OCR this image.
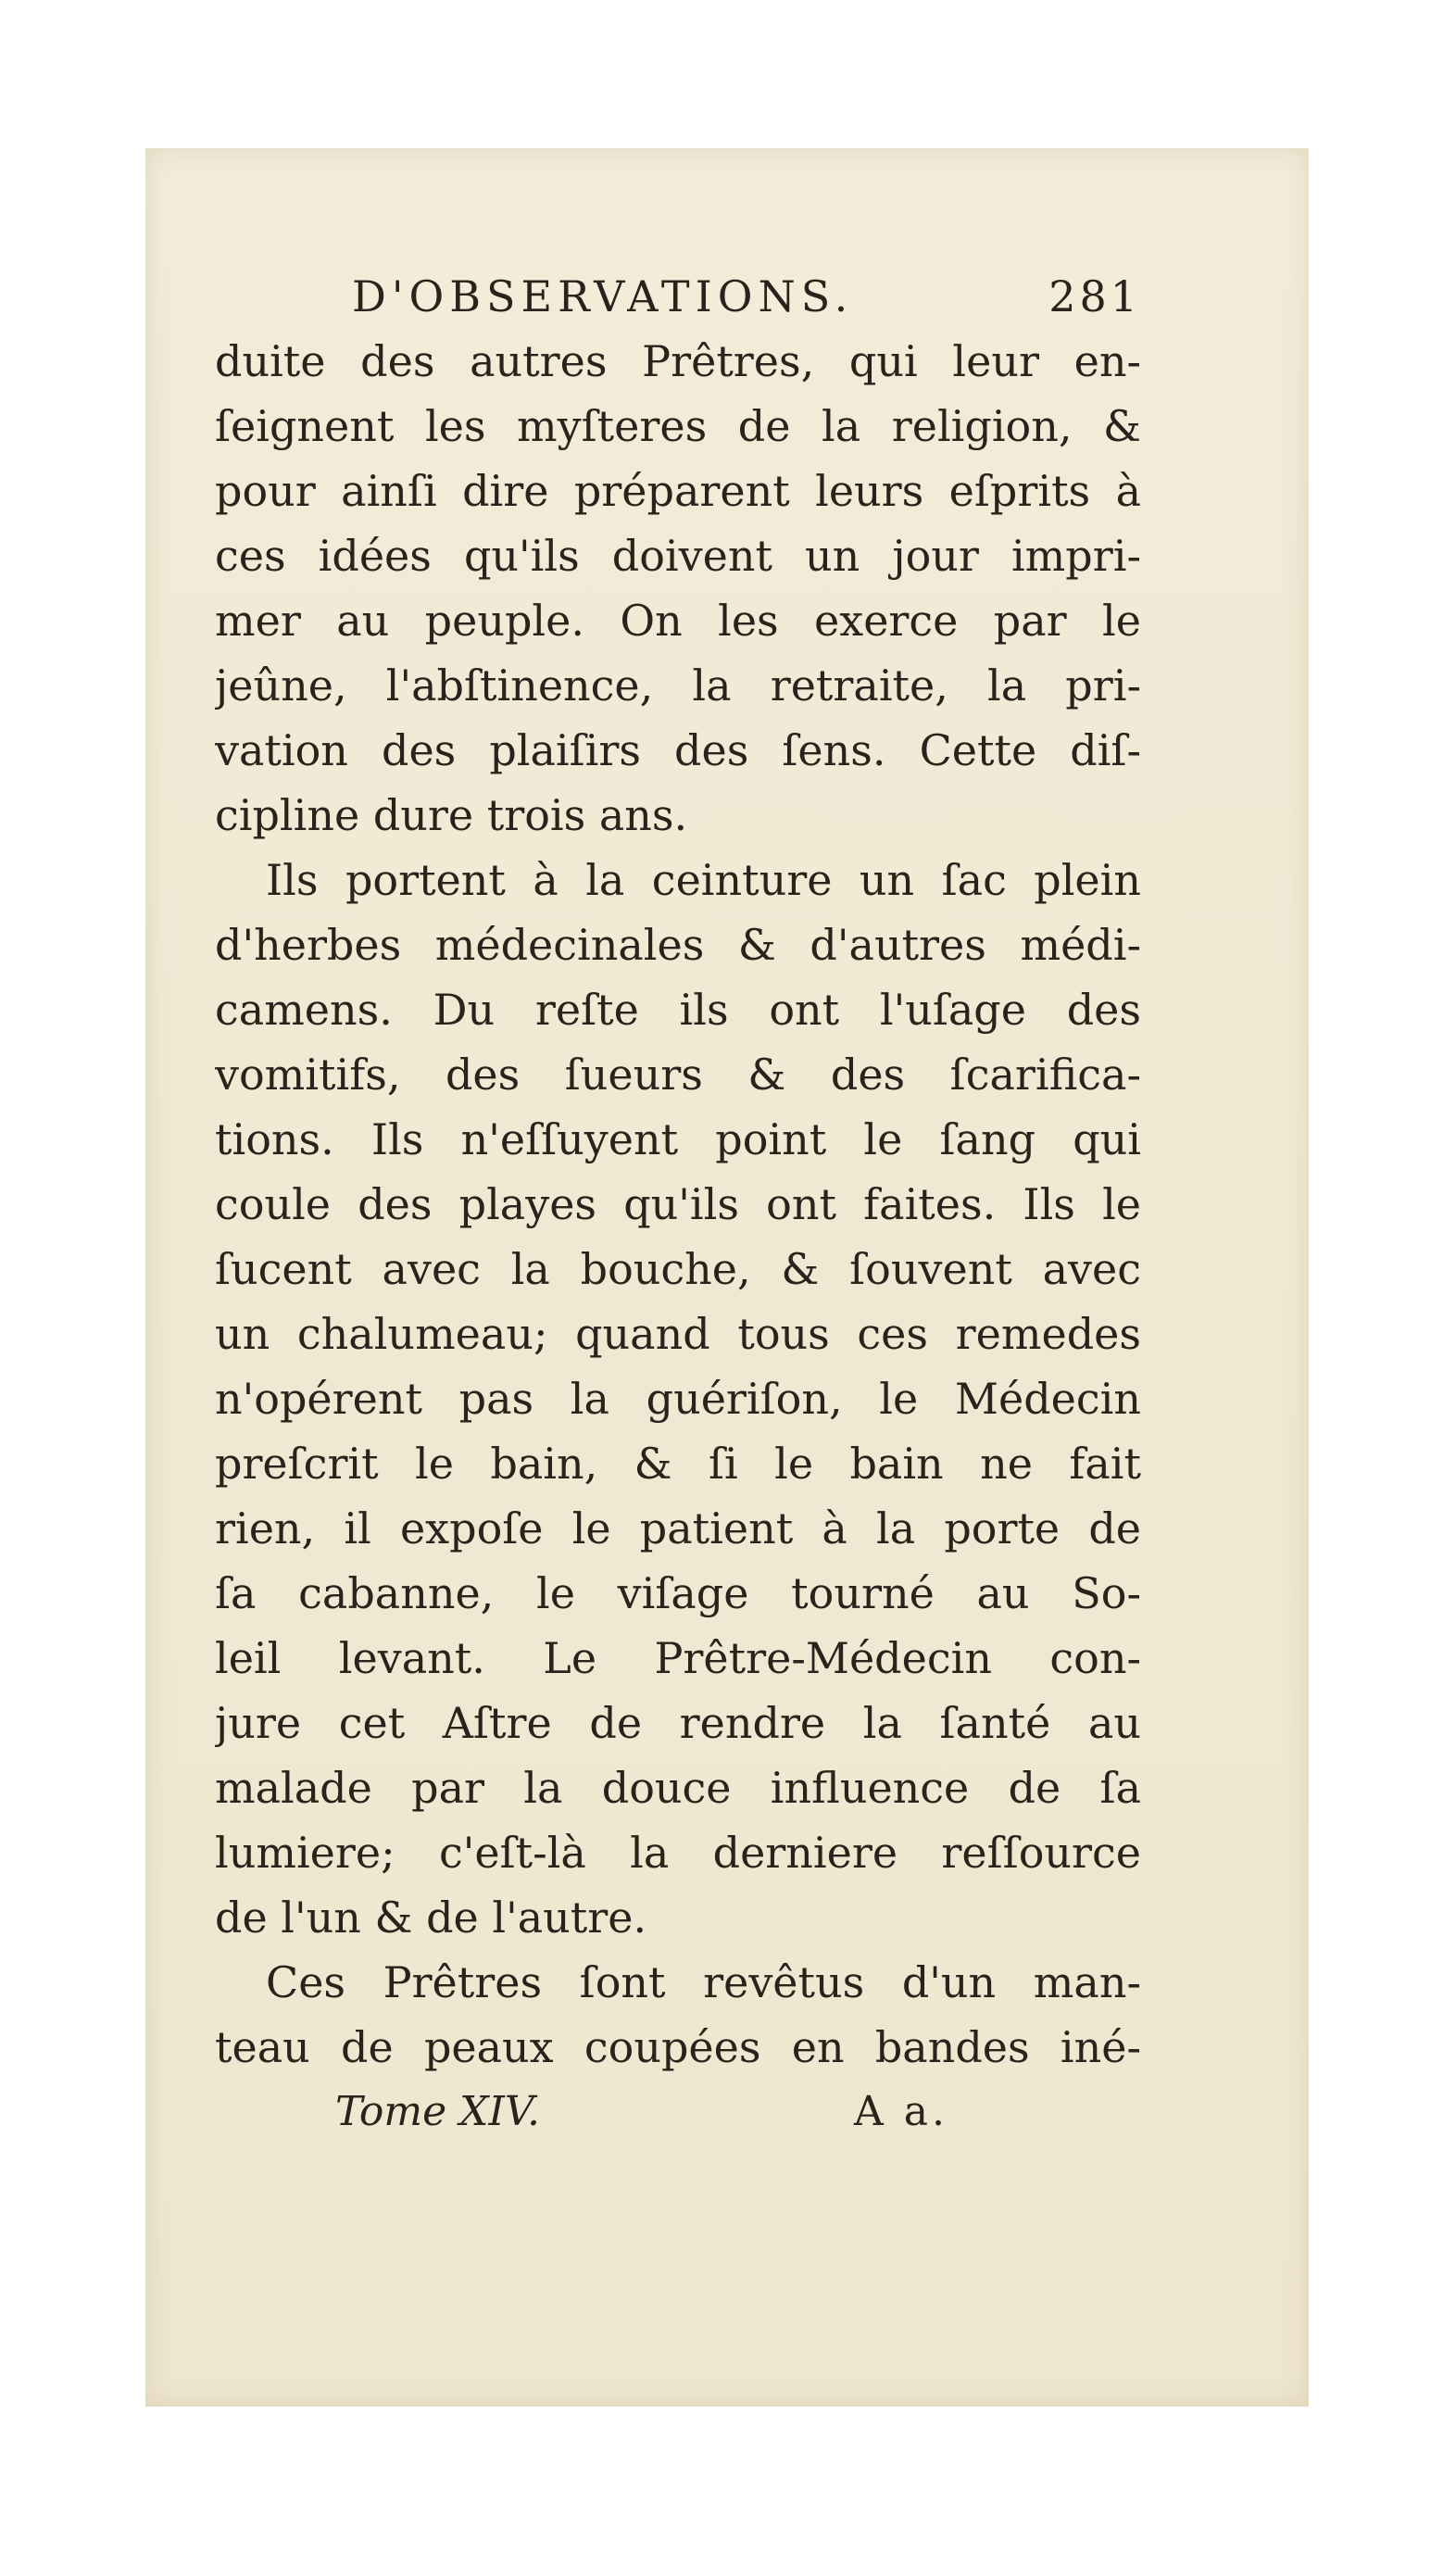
D'OBSERVATIONS.	281
duite des autres Prêtres, qui leur en-
ſeignent les myſteres de la religion, &
pour ainſi dire préparent leurs eſprits à
ces idées qu'ils doivent un jour impri-
mer au peuple. On les exerce par le
jeûne, l'abſtinence, la retraite, la pri-
vation des plaiſirs des ſens. Cette diſ-
cipline dure trois ans.
Ils portent à la ceinture un ſac plein
d'herbes médecinales & d'autres médi-
camens. Du reſte ils ont l'uſage des
vomitifs, des ſueurs & des ſcarifica-
tions. Ils n'eſſuyent point le ſang qui
coule des playes qu'ils ont faites. Ils le
ſucent avec la bouche, & ſouvent avec
un chalumeau; quand tous ces remedes
n'opérent pas la guériſon, le Médecin
preſcrit le bain, & ſi le bain ne fait
rien, il expoſe le patient à la porte de
ſa cabanne, le viſage tourné au So-
leil levant. Le Prêtre-Médecin con-
jure cet Aſtre de rendre la ſanté au
malade par la douce influence de ſa
lumiere; c'eſt-là la derniere reſſource
de l'un & de l'autre.
Ces Prêtres ſont revêtus d'un man-
teau de peaux coupées en bandes iné-
Tome XIV.	A a.
